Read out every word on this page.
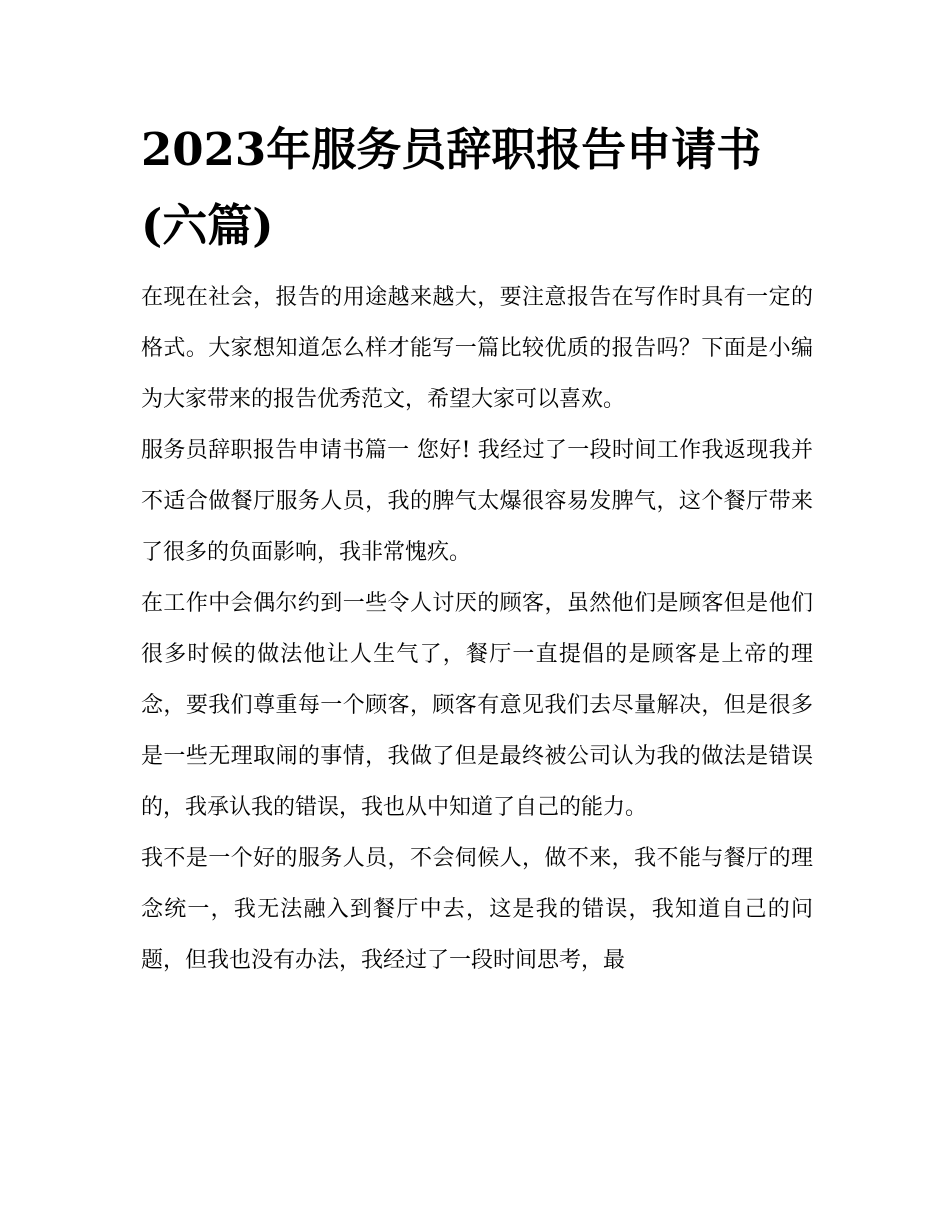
2023年服务员辞职报告申请书(六篇)

在现在社会，报告的用途越来越大，要注意报告在写作时具有一定的格式。大家想知道怎么样才能写一篇比较优质的报告吗？下面是小编为大家带来的报告优秀范文，希望大家可以喜欢。

服务员辞职报告申请书篇一 您好! 我经过了一段时间工作我返现我并不适合做餐厅服务人员，我的脾气太爆很容易发脾气，这个餐厅带来了很多的负面影响，我非常愧疚。

在工作中会偶尔约到一些令人讨厌的顾客，虽然他们是顾客但是他们很多时候的做法他让人生气了，餐厅一直提倡的是顾客是上帝的理念，要我们尊重每一个顾客，顾客有意见我们去尽量解决，但是很多是一些无理取闹的事情，我做了但是最终被公司认为我的做法是错误的，我承认我的错误，我也从中知道了自己的能力。

我不是一个好的服务人员，不会伺候人，做不来，我不能与餐厅的理念统一，我无法融入到餐厅中去，这是我的错误，我知道自己的问题，但我也没有办法，我经过了一段时间思考，最
